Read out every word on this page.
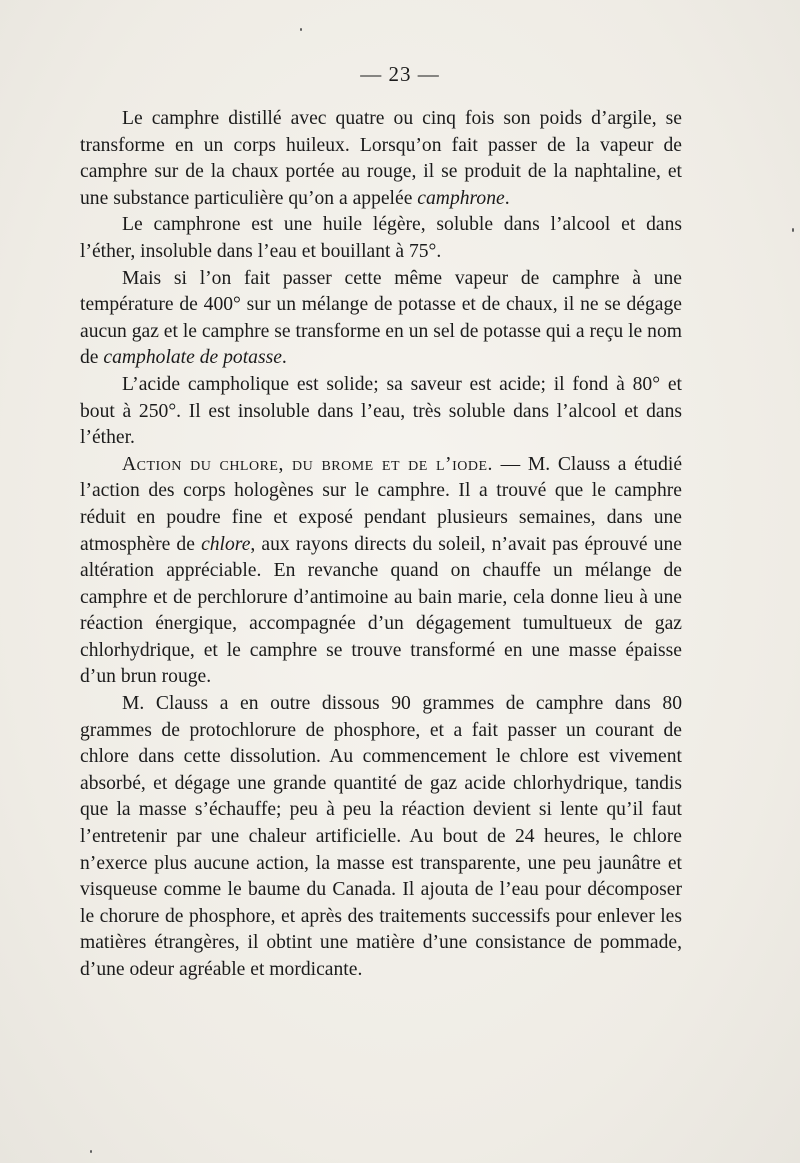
— 23 —

Le camphre distillé avec quatre ou cinq fois son poids d’argile, se transforme en un corps huileux. Lorsqu’on fait passer de la vapeur de camphre sur de la chaux portée au rouge, il se produit de la naphtaline, et une substance particulière qu’on a appelée camphrone.

Le camphrone est une huile légère, soluble dans l’alcool et dans l’éther, insoluble dans l’eau et bouillant à 75°.

Mais si l’on fait passer cette même vapeur de camphre à une température de 400° sur un mélange de potasse et de chaux, il ne se dégage aucun gaz et le camphre se transforme en un sel de potasse qui a reçu le nom de campholate de potasse.

L’acide campholique est solide; sa saveur est acide; il fond à 80° et bout à 250°. Il est insoluble dans l’eau, très soluble dans l’alcool et dans l’éther.

Action du chlore, du brome et de l’iode. — M. Clauss a étudié l’action des corps hologènes sur le camphre. Il a trouvé que le camphre réduit en poudre fine et exposé pendant plusieurs semaines, dans une atmosphère de chlore, aux rayons directs du soleil, n’avait pas éprouvé une altération appréciable. En revanche quand on chauffe un mélange de camphre et de perchlorure d’antimoine au bain marie, cela donne lieu à une réaction énergique, accompagnée d’un dégagement tumultueux de gaz chlorhydrique, et le camphre se trouve transformé en une masse épaisse d’un brun rouge.

M. Clauss a en outre dissous 90 grammes de camphre dans 80 grammes de protochlorure de phosphore, et a fait passer un courant de chlore dans cette dissolution. Au commencement le chlore est vivement absorbé, et dégage une grande quantité de gaz acide chlorhydrique, tandis que la masse s’échauffe; peu à peu la réaction devient si lente qu’il faut l’entretenir par une chaleur artificielle. Au bout de 24 heures, le chlore n’exerce plus aucune action, la masse est transparente, une peu jaunâtre et visqueuse comme le baume du Canada. Il ajouta de l’eau pour décomposer le chorure de phosphore, et après des traitements successifs pour enlever les matières étrangères, il obtint une matière d’une consistance de pommade, d’une odeur agréable et mordicante.
